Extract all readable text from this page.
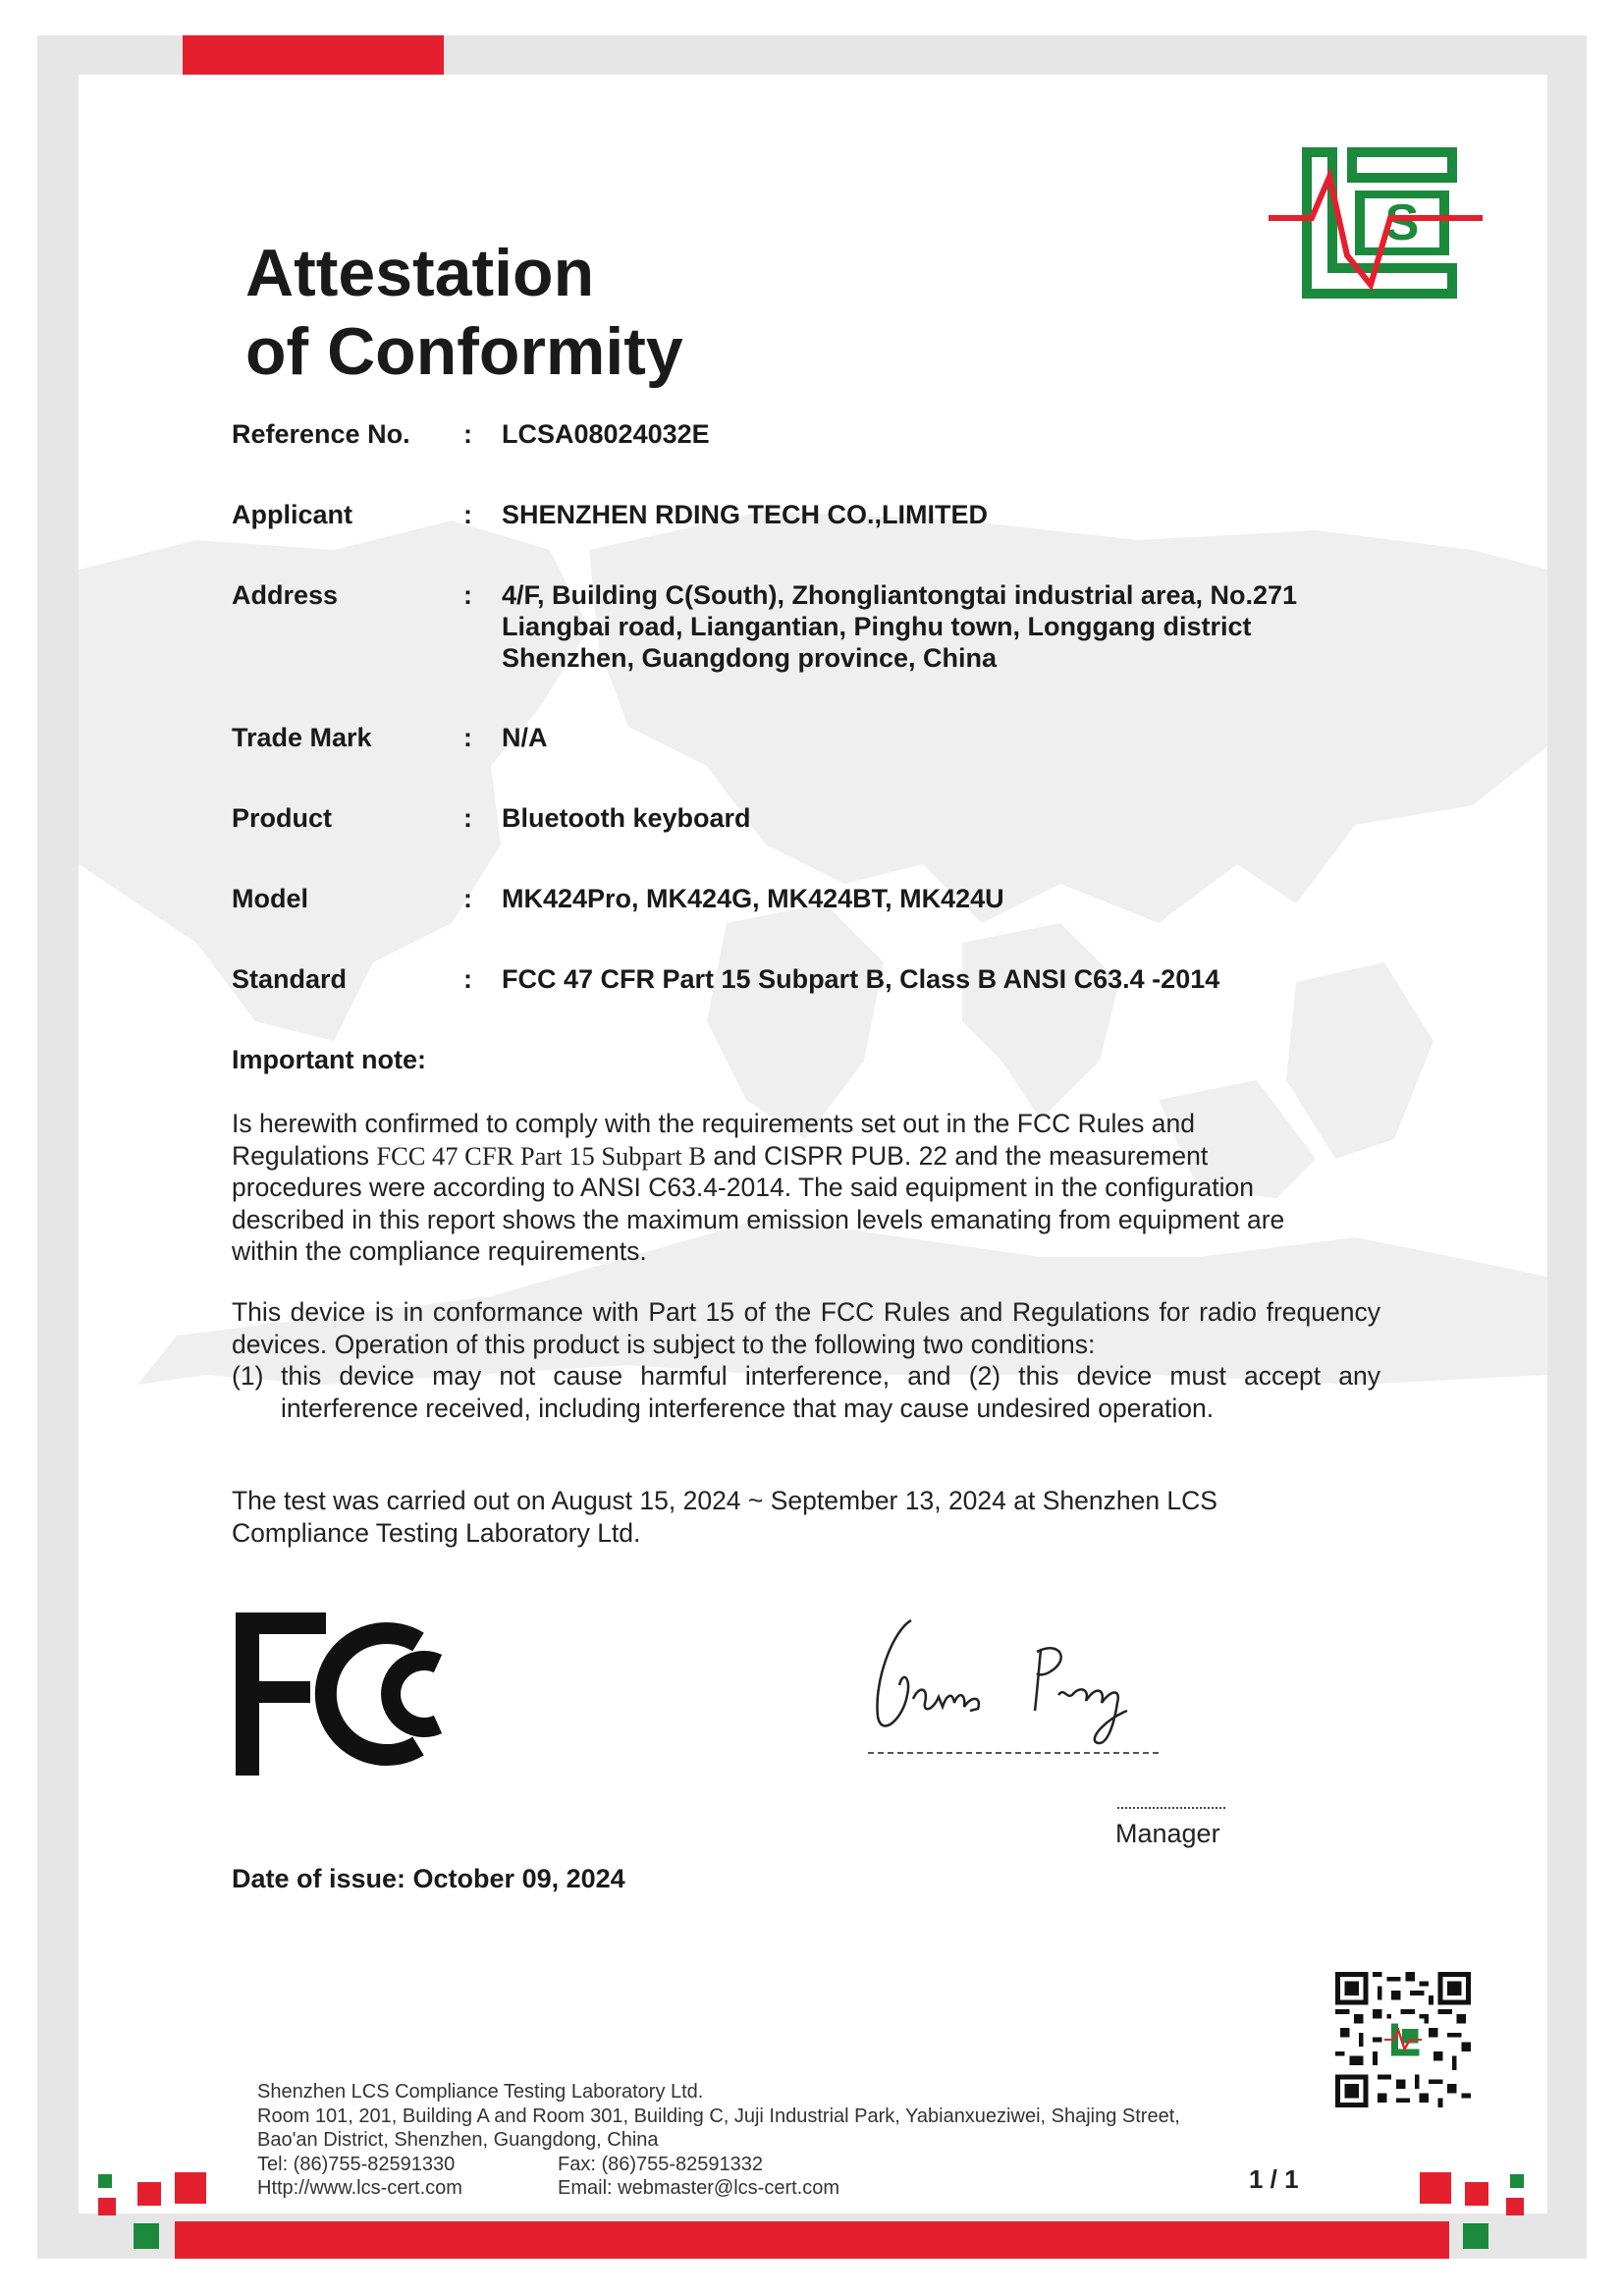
S
Attestation
of Conformity
Reference No. : LCSA08024032E
Applicant	: SHENZHEN RDING TECH CO.,LIMITED
Address	: 4/F, Building C(South), Zhongliantongtai industrial area, No.271
Liangbai road, Liangantian, Pinghu town, Longgang district
Shenzhen, Guangdong province, China
Trade Mark	: N/A
Product	: Bluetooth keyboard
Model	: MK424Pro, MK424G, MK424BT, MK424U
Standard	: FCC 47 CFR Part 15 Subpart B, Class B ANSI C63.4 -2014
Important note:

Is herewith confirmed to comply with the requirements set out in the FCC Rules and

Regulations FCC 47 CFR Part 15 Subpart B and CISPR PUB. 22 and the measurement

procedures were according to ANSI C63.4-2014. The said equipment in the configuration

described in this report shows the maximum emission levels emanating from equipment are

within the compliance requirements.

This device is in conformance with Part 15 of the FCC Rules and Regulations for radio frequency devices. Operation of this product is subject to the following two conditions:

(1) this device may not cause harmful interference, and (2) this device must accept any interference received, including interference that may cause undesired operation.

The test was carried out on August 15, 2024 ~ September 13, 2024 at Shenzhen LCS

Compliance Testing Laboratory Ltd.

Manager
Date of issue: October 09, 2024
Shenzhen LCS Compliance Testing Laboratory Ltd.
Room 101, 201, Building A and Room 301, Building C, Juji Industrial Park, Yabianxueziwei, Shajing Street,
Bao'an District, Shenzhen, Guangdong, China
Tel: (86)755-82591330	Fax: (86)755-82591332
Http://www.lcs-cert.com	Email: webmaster@lcs-cert.com	1 / 1
